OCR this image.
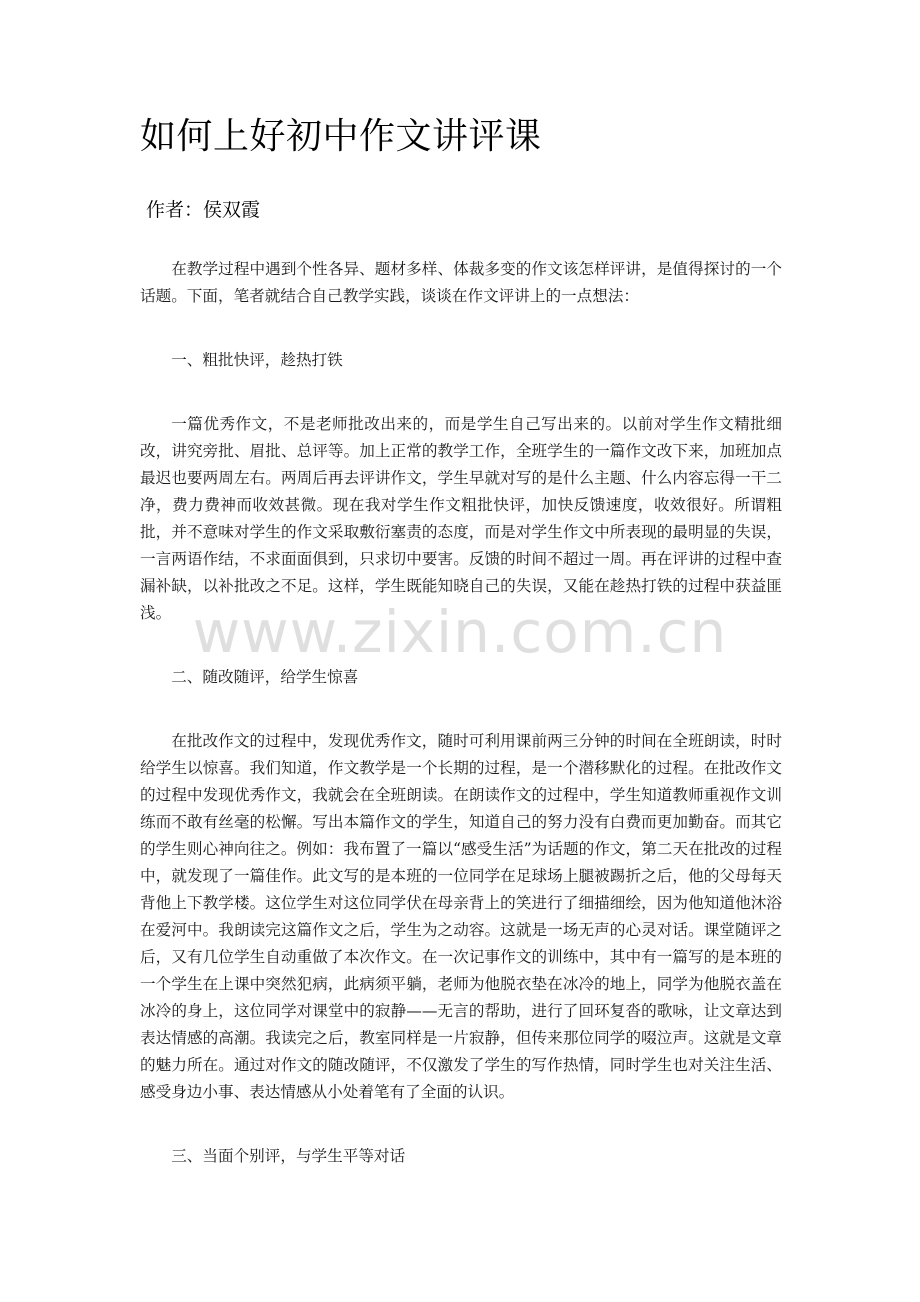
如何上好初中作文讲评课
作者：侯双霞

在教学过程中遇到个性各异、题材多样、体裁多变的作文该怎样评讲，是值得探讨的一个话题。下面，笔者就结合自己教学实践，谈谈在作文评讲上的一点想法：

一、粗批快评，趁热打铁

一篇优秀作文，不是老师批改出来的，而是学生自己写出来的。以前对学生作文精批细改，讲究旁批、眉批、总评等。加上正常的教学工作，全班学生的一篇作文改下来，加班加点最迟也要两周左右。两周后再去评讲作文，学生早就对写的是什么主题、什么内容忘得一干二净，费力费神而收效甚微。现在我对学生作文粗批快评，加快反馈速度，收效很好。所谓粗批，并不意味对学生的作文采取敷衍塞责的态度，而是对学生作文中所表现的最明显的失误，一言两语作结，不求面面俱到，只求切中要害。反馈的时间不超过一周。再在评讲的过程中查漏补缺，以补批改之不足。这样，学生既能知晓自己的失误，又能在趁热打铁的过程中获益匪浅。

二、随改随评，给学生惊喜

在批改作文的过程中，发现优秀作文，随时可利用课前两三分钟的时间在全班朗读，时时给学生以惊喜。我们知道，作文教学是一个长期的过程，是一个潜移默化的过程。在批改作文的过程中发现优秀作文，我就会在全班朗读。在朗读作文的过程中，学生知道教师重视作文训练而不敢有丝毫的松懈。写出本篇作文的学生，知道自己的努力没有白费而更加勤奋。而其它的学生则心神向往之。例如：我布置了一篇以“感受生活”为话题的作文，第二天在批改的过程中，就发现了一篇佳作。此文写的是本班的一位同学在足球场上腿被踢折之后，他的父母每天背他上下教学楼。这位学生对这位同学伏在母亲背上的笑进行了细描细绘，因为他知道他沐浴在爱河中。我朗读完这篇作文之后，学生为之动容。这就是一场无声的心灵对话。课堂随评之后，又有几位学生自动重做了本次作文。在一次记事作文的训练中，其中有一篇写的是本班的一个学生在上课中突然犯病，此病须平躺，老师为他脱衣垫在冰冷的地上，同学为他脱衣盖在冰冷的身上，这位同学对课堂中的寂静——无言的帮助，进行了回环复沓的歌咏，让文章达到表达情感的高潮。我读完之后，教室同样是一片寂静，但传来那位同学的啜泣声。这就是文章的魅力所在。通过对作文的随改随评，不仅激发了学生的写作热情，同时学生也对关注生活、感受身边小事、表达情感从小处着笔有了全面的认识。

三、当面个别评，与学生平等对话

www.zixin.com.cn
